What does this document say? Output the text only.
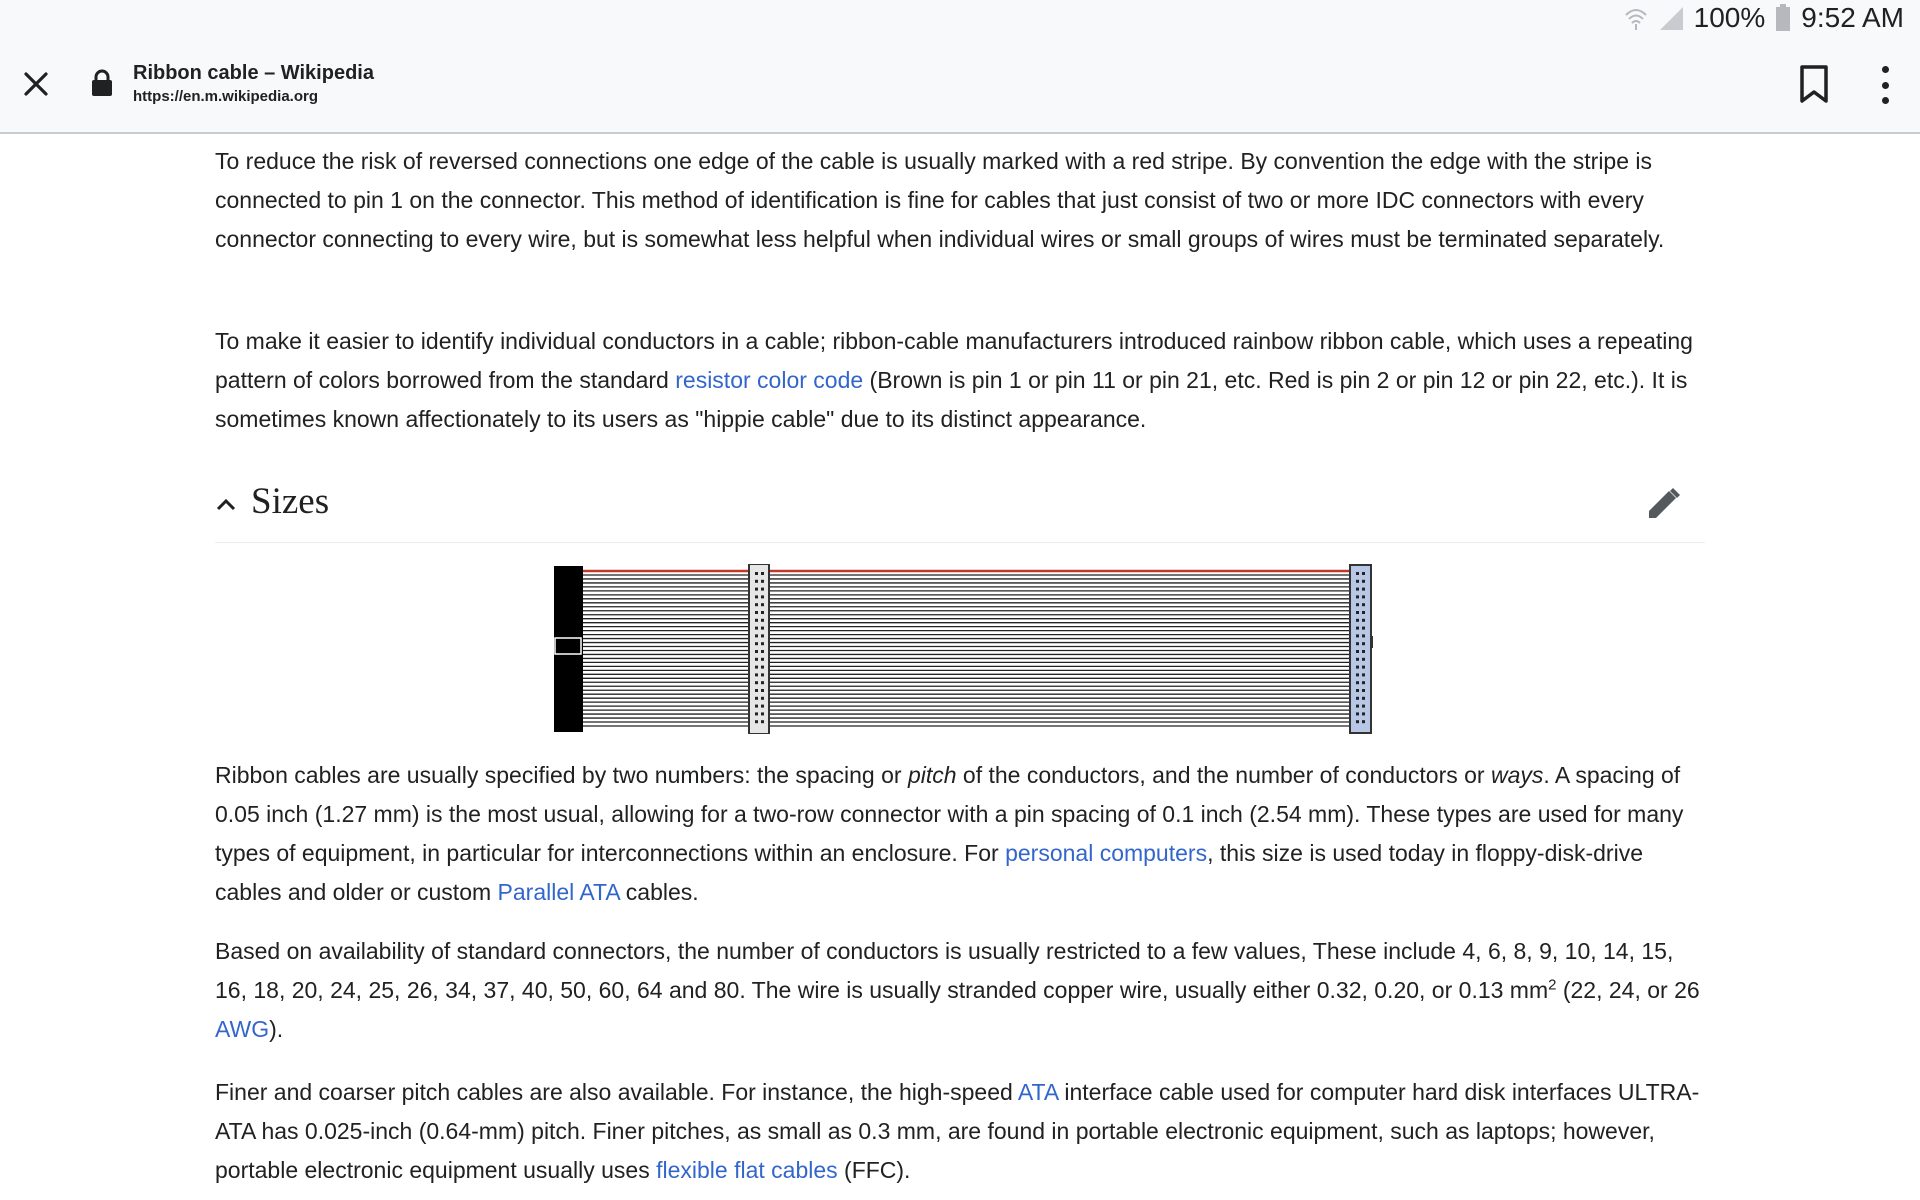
100% 9:52 AM
Ribbon cable – Wikipedia
https://en.m.wikipedia.org

To reduce the risk of reversed connections one edge of the cable is usually marked with a red stripe. By convention the edge with the stripe is connected to pin 1 on the connector. This method of identification is fine for cables that just consist of two or more IDC connectors with every connector connecting to every wire, but is somewhat less helpful when individual wires or small groups of wires must be terminated separately.

To make it easier to identify individual conductors in a cable; ribbon-cable manufacturers introduced rainbow ribbon cable, which uses a repeating pattern of colors borrowed from the standard resistor color code (Brown is pin 1 or pin 11 or pin 21, etc. Red is pin 2 or pin 12 or pin 22, etc.). It is sometimes known affectionately to its users as "hippie cable" due to its distinct appearance.

Sizes

Ribbon cables are usually specified by two numbers: the spacing or pitch of the conductors, and the number of conductors or ways. A spacing of 0.05 inch (1.27 mm) is the most usual, allowing for a two-row connector with a pin spacing of 0.1 inch (2.54 mm). These types are used for many types of equipment, in particular for interconnections within an enclosure. For personal computers, this size is used today in floppy-disk-drive cables and older or custom Parallel ATA cables.

Based on availability of standard connectors, the number of conductors is usually restricted to a few values, These include 4, 6, 8, 9, 10, 14, 15, 16, 18, 20, 24, 25, 26, 34, 37, 40, 50, 60, 64 and 80. The wire is usually stranded copper wire, usually either 0.32, 0.20, or 0.13 $mm^2$ (22, 24, or 26 AWG).

Finer and coarser pitch cables are also available. For instance, the high-speed ATA interface cable used for computer hard disk interfaces ULTRA-ATA has 0.025-inch (0.64-mm) pitch. Finer pitches, as small as 0.3 mm, are found in portable electronic equipment, such as laptops; however, portable electronic equipment usually uses flexible flat cables (FFC).
